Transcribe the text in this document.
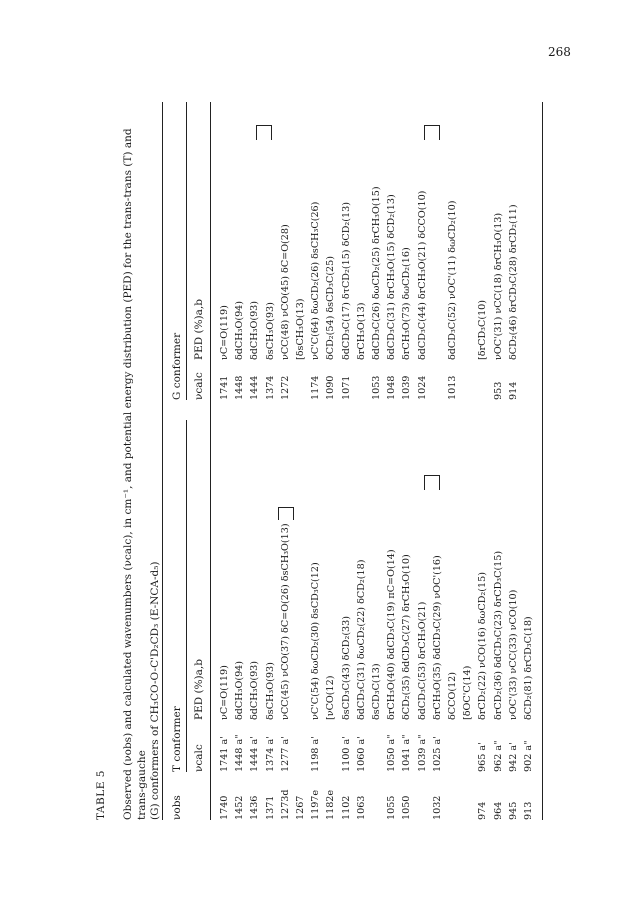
268
TABLE 5 Observed (νobs) and calculated wavenumbers (νcalc), in cm⁻¹, and potential energy distribution (PED) for the trans-trans (T) and trans-gauche (G) conformers of CH₃CO-O-C'D₂CD₃ (E-NCA-d₅) νobs
T conformer
G conformer
νcalc
PED (%)a,b
νcalc
PED (%)a,b
1740
1741 a'
νC=O(119)
1741
νC=O(119)
1452
1448 a"
δdCH₃O(94)
1448
δdCH₃O(94)
1436
1444 a'
δdCH₃O(93)
1444
δdCH₃O(93)
1371
1374 a'
δsCH₃O(93)
1374
δsCH₃O(93)
1273d
1277 a'
νCC(45) νCO(37) δC=O(26) δsCH₃O(13)
1272
νCC(48) νCO(45) δC=O(28)
1267
[δsCH₃O(13)
1197e
1198 a'
νC'C(54) δωCD₂(30) δsCD₃C(12)
1174
νC'C(64) δωCD₂(26) δsCH₃C(26)
1182e
[νCO(12)
1090
δCD₂(54) δsCD₃C(25)
1102
1100 a'
δsCD₃C(43) δCD₂(33)
1071
δdCD₃C(17) δτCD₂(15) δCD₂(13)
1063
1060 a'
δdCD₃C(31) δωCD₂(22) δCD₂(18)
δrCH₃O(13)
δsCD₃C(13)
1053
δdCD₃C(26) δωCD₂(25) δrCH₃O(15)
1055
1050 a"
δrCH₃O(40) δdCD₃C(19) πC=O(14)
1048
δdCD₃C(31) δrCH₃O(15) δCD₂(13)
1050
1041 a"
δCD₂(35) δdCD₃C(27) δrCH₃O(10)
1039
δrCH₃O(73) δωCD₂(16)
1039 a"
δdCD₃C(53) δrCH₃O(21)
1024
δdCD₃C(44) δrCH₃O(21) δCCO(10)
1032
1025 a'
δrCH₃O(35) δdCD₃C(29) νOC'(16) δCCO(12)
1013
δdCD₃C(52) νOC'(11) δωCD₂(10)
[δOC'C(14)
974
965 a'
δrCD₂(22) νCO(16) δωCD₂(15)
[δrCD₃C(10)
964
962 a"
δrCD₂(36) δdCD₃C(23) δrCD₃C(15)
953
νOC'(31) νCC(18) δrCH₃O(13)
945
942 a'
νOC'(33) νCC(33) νCO(10)
914
δCD₂(46) δrCD₃C(28) δrCD₂(11)
913
902 a"
δCD₂(81) δrCD₃C(18)
